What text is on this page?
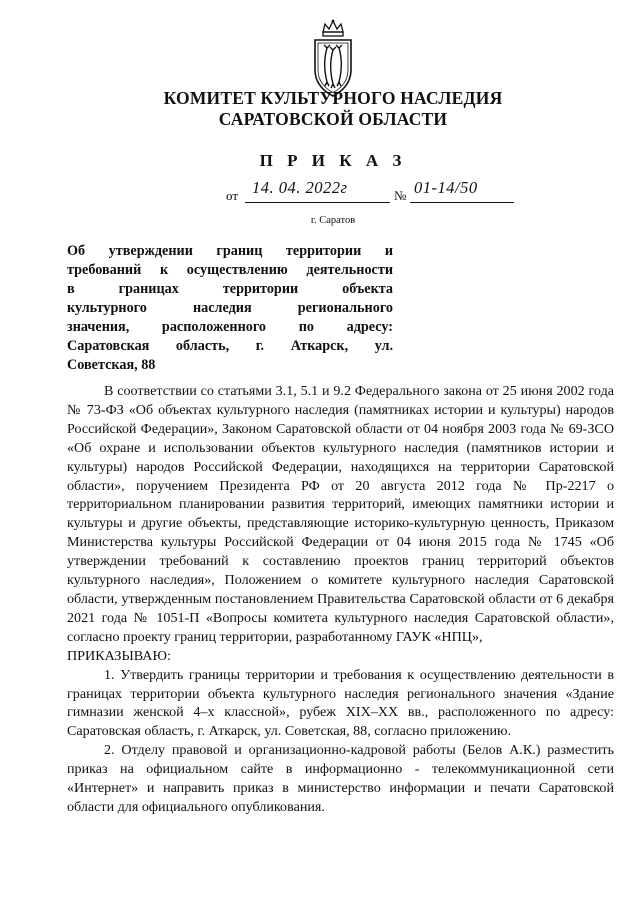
КОМИТЕТ КУЛЬТУРНОГО НАСЛЕДИЯ
САРАТОВСКОЙ ОБЛАСТИ
П Р И К А З
от 14. 04. 2022г	№ 01-14/50
г. Саратов
Об утверждении границ территории и
требований к осуществлению деятельности
в границах территории объекта
культурного наследия регионального
значения, расположенного по адресу:
Саратовская область, г. Аткарск, ул.
Советская, 88

В соответствии со статьями 3.1, 5.1 и 9.2 Федерального закона от 25 июня 2002 года № 73-ФЗ «Об объектах культурного наследия (памятниках истории и культуры) народов Российской Федерации», Законом Саратовской области от 04 ноября 2003 года № 69-ЗСО «Об охране и использовании объектов культурного наследия (памятников истории и культуры) народов Российской Федерации, находящихся на территории Саратовской области», поручением Президента РФ от 20 августа 2012 года № Пр-2217 о территориальном планировании развития территорий, имеющих памятники истории и культуры и другие объекты, представляющие историко-культурную ценность, Приказом Министерства культуры Российской Федерации от 04 июня 2015 года № 1745 «Об утверждении требований к составлению проектов границ территорий объектов культурного наследия», Положением о комитете культурного наследия Саратовской области, утвержденным постановлением Правительства Саратовской области от 6 декабря 2021 года № 1051-П «Вопросы комитета культурного наследия Саратовской области», согласно проекту границ территории, разработанному ГАУК «НПЦ»,

ПРИКАЗЫВАЮ:

1. Утвердить границы территории и требования к осуществлению деятельности в границах территории объекта культурного наследия регионального значения «Здание гимназии женской 4–х классной», рубеж XIX–XX вв., расположенного по адресу: Саратовская область, г. Аткарск, ул. Советская, 88, согласно приложению.

2. Отделу правовой и организационно-кадровой работы (Белов А.К.) разместить приказ на официальном сайте в информационно - телекоммуникационной сети «Интернет» и направить приказ в министерство информации и печати Саратовской области для официального опубликования.
